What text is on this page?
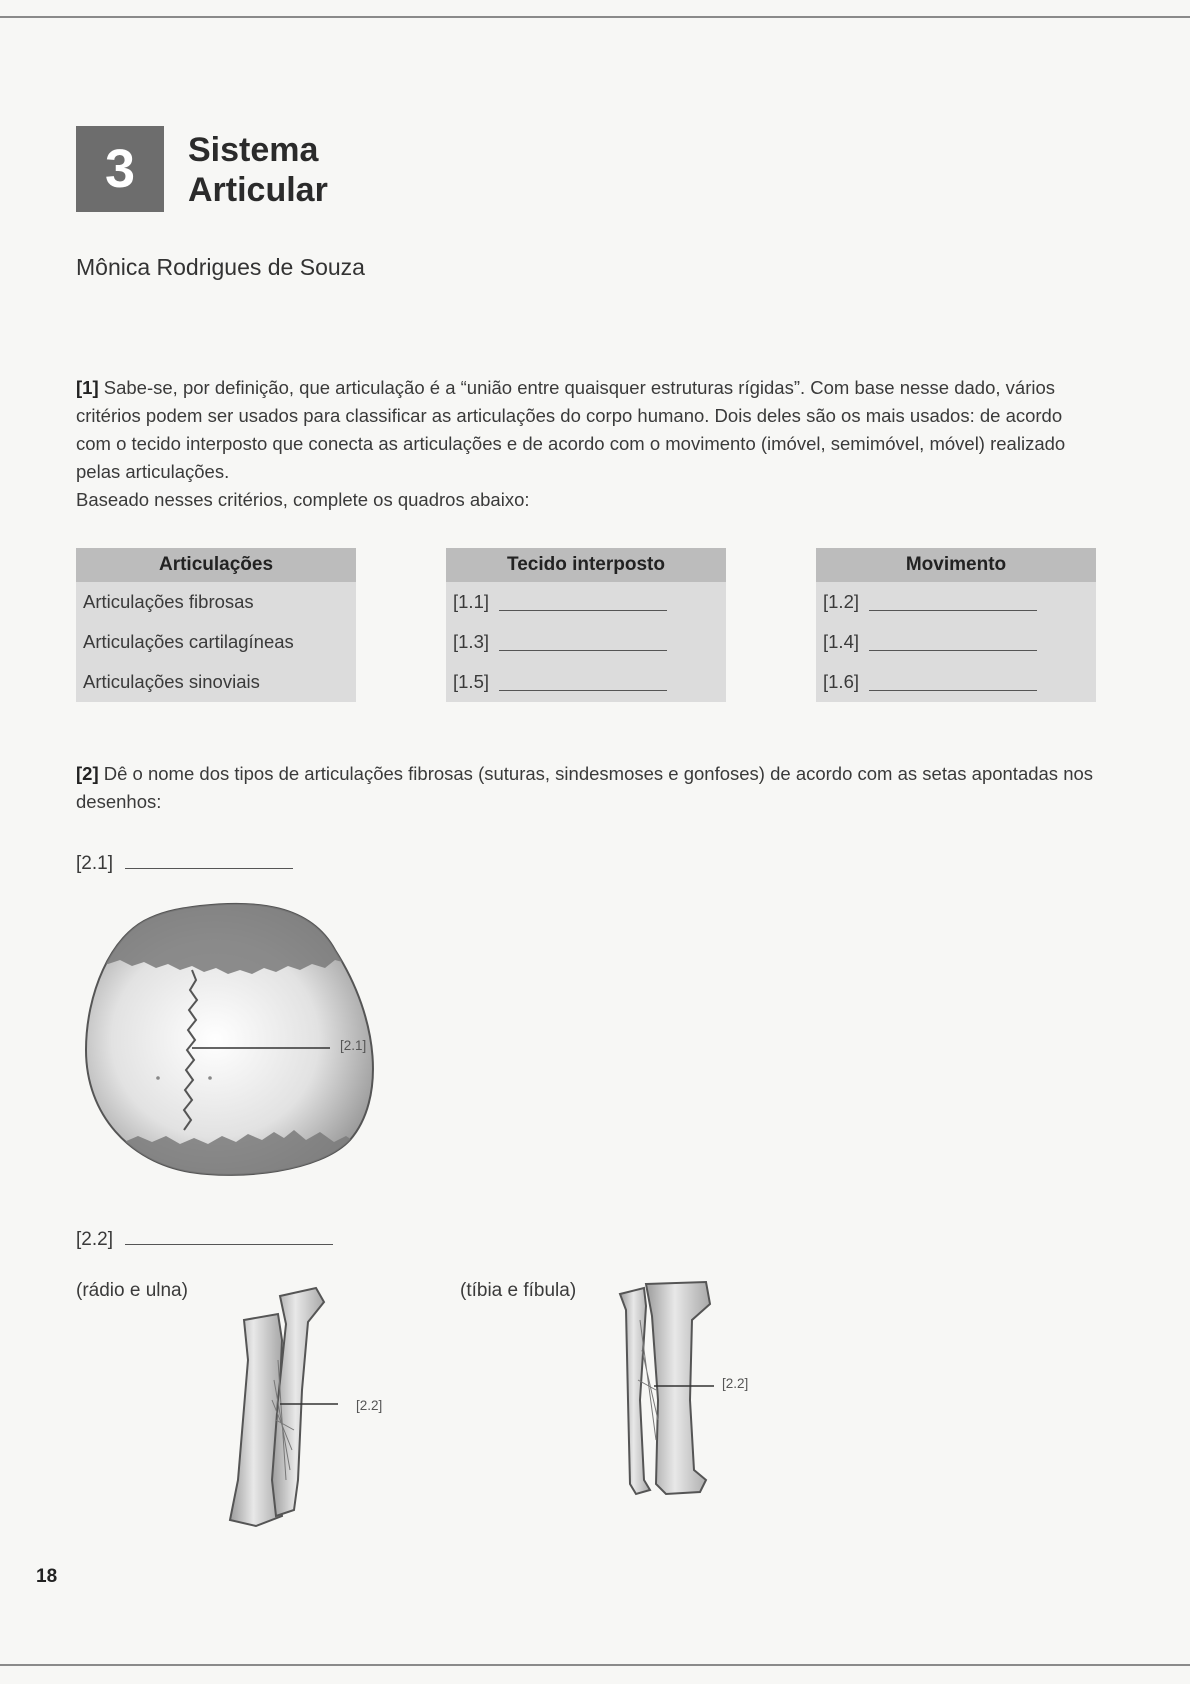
3 Sistema
Articular
Mônica Rodrigues de Souza
[1] Sabe-se, por definição, que articulação é a “união entre quaisquer estruturas rígidas”. Com base nesse dado, vários critérios podem ser usados para classificar as articulações do corpo humano. Dois deles são os mais usados: de acordo com o tecido interposto que conecta as articulações e de acordo com o movimento (imóvel, semimóvel, móvel) realizado pelas articulações.
Baseado nesses critérios, complete os quadros abaixo:
Articulações
Articulações fibrosas
Articulações cartilagíneas
Articulações sinoviais
Tecido interposto
[1.1]
[1.3]
[1.5]
Movimento
[1.2]
[1.4]
[1.6]
[2] Dê o nome dos tipos de articulações fibrosas (suturas, sindesmoses e gonfoses) de acordo com as setas apontadas nos desenhos:
[2.1]
[2.1]
[2.2]
(rádio e ulna)	(tíbia e fíbula)
[2.2]
[2.2]
18
